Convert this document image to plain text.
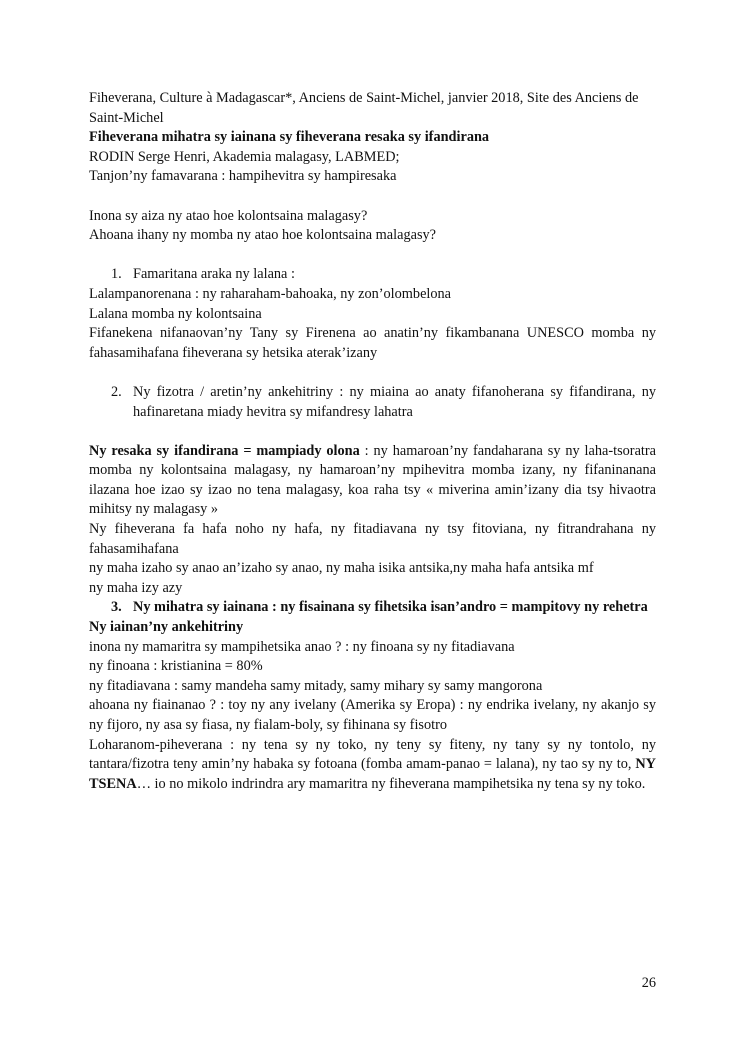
Fiheverana, Culture à Madagascar*, Anciens de Saint-Michel, janvier 2018, Site des Anciens de Saint-Michel

Fiheverana mihatra sy iainana sy fiheverana resaka sy ifandirana

RODIN Serge Henri, Akademia malagasy, LABMED;

Tanjon’ny famavarana : hampihevitra sy hampiresaka

Inona sy aiza ny atao hoe kolontsaina malagasy?

Ahoana ihany ny momba ny atao hoe kolontsaina malagasy?

1. Famaritana araka ny lalana :

Lalampanorenana : ny raharaham-bahoaka, ny zon’olombelona

Lalana momba ny kolontsaina

Fifanekena nifanaovan’ny Tany sy Firenena ao anatin’ny fikambanana UNESCO momba ny fahasamihafana fiheverana sy hetsika aterak’izany

2. Ny fizotra / aretin’ny ankehitriny : ny miaina ao anaty fifanoherana sy fifandirana, ny hafinaretana miady hevitra sy mifandresy lahatra

Ny resaka sy ifandirana = mampiady olona : ny hamaroan’ny fandaharana sy ny laha-tsoratra momba ny kolontsaina malagasy, ny hamaroan’ny mpihevitra momba izany, ny fifaninanana ilazana hoe izao sy izao no tena malagasy, koa raha tsy « miverina amin’izany dia tsy hivaotra mihitsy ny malagasy »

Ny fiheverana fa hafa noho ny hafa, ny fitadiavana ny tsy fitoviana, ny fitrandrahana ny fahasamihafana

ny maha izaho sy anao an’izaho sy anao, ny maha isika antsika,ny maha hafa antsika mf

ny maha izy azy

3. Ny mihatra sy iainana : ny fisainana sy fihetsika isan’andro = mampitovy ny rehetra

Ny iainan’ny ankehitriny

inona ny mamaritra sy mampihetsika anao ? : ny finoana sy ny fitadiavana

ny finoana : kristianina = 80%

ny fitadiavana : samy mandeha samy mitady, samy mihary sy samy mangorona

ahoana ny fiainanao ? : toy ny any ivelany (Amerika sy Eropa) : ny endrika ivelany, ny akanjo sy ny fijoro, ny asa sy fiasa, ny fialam-boly, sy fihinana sy fisotro

Loharanom-piheverana : ny tena sy ny toko, ny teny sy fiteny, ny tany sy ny tontolo, ny tantara/fizotra teny amin’ny habaka sy fotoana (fomba amam-panao = lalana), ny tao sy ny to, NY TSENA… io no mikolo indrindra ary mamaritra ny fiheverana mampihetsika ny tena sy ny toko.

26
